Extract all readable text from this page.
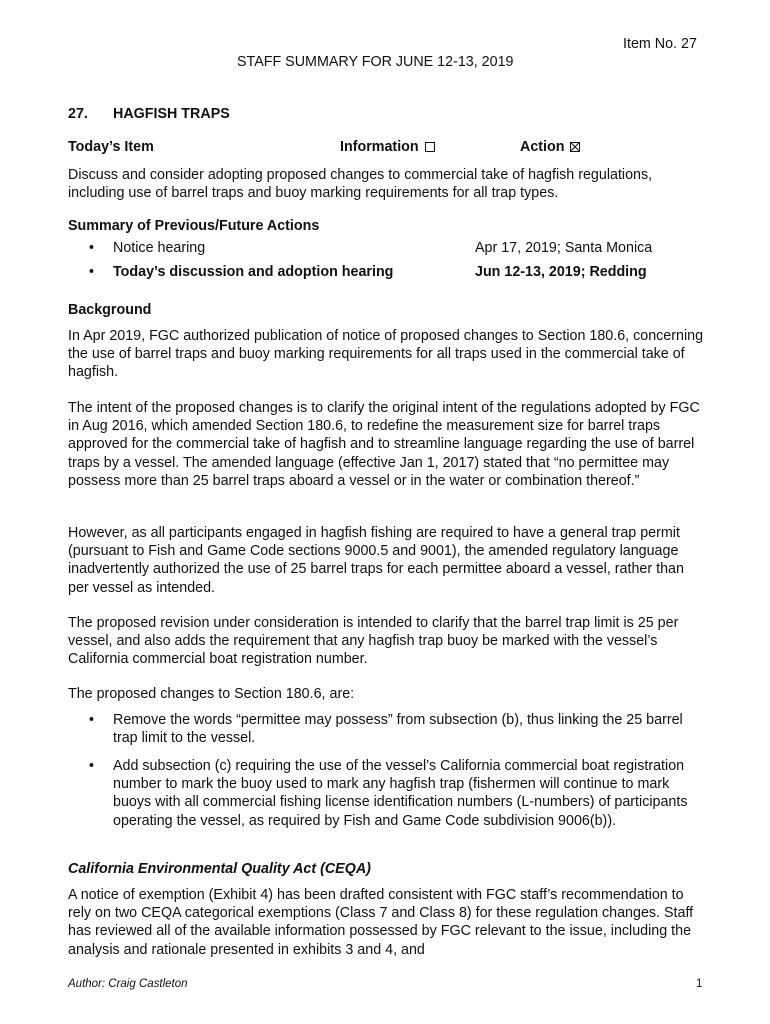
Item No. 27
STAFF SUMMARY FOR JUNE 12-13, 2019
27. HAGFISH TRAPS
Today’s Item	Information	Action
Discuss and consider adopting proposed changes to commercial take of hagfish regulations, including use of barrel traps and buoy marking requirements for all trap types.
Summary of Previous/Future Actions
• Notice hearing	Apr 17, 2019; Santa Monica
• Today’s discussion and adoption hearing	Jun 12-13, 2019; Redding
Background
In Apr 2019, FGC authorized publication of notice of proposed changes to Section 180.6, concerning the use of barrel traps and buoy marking requirements for all traps used in the commercial take of hagfish.
The intent of the proposed changes is to clarify the original intent of the regulations adopted by FGC in Aug 2016, which amended Section 180.6, to redefine the measurement size for barrel traps approved for the commercial take of hagfish and to streamline language regarding the use of barrel traps by a vessel. The amended language (effective Jan 1, 2017) stated that “no permittee may possess more than 25 barrel traps aboard a vessel or in the water or combination thereof.”
However, as all participants engaged in hagfish fishing are required to have a general trap permit (pursuant to Fish and Game Code sections 9000.5 and 9001), the amended regulatory language inadvertently authorized the use of 25 barrel traps for each permittee aboard a vessel, rather than per vessel as intended.
The proposed revision under consideration is intended to clarify that the barrel trap limit is 25 per vessel, and also adds the requirement that any hagfish trap buoy be marked with the vessel’s California commercial boat registration number.
The proposed changes to Section 180.6, are:
• Remove the words “permittee may possess” from subsection (b), thus linking the 25 barrel trap limit to the vessel.
• Add subsection (c) requiring the use of the vessel’s California commercial boat registration number to mark the buoy used to mark any hagfish trap (fishermen will continue to mark buoys with all commercial fishing license identification numbers (L-numbers) of participants operating the vessel, as required by Fish and Game Code subdivision 9006(b)).
California Environmental Quality Act (CEQA)
A notice of exemption (Exhibit 4) has been drafted consistent with FGC staff’s recommendation to rely on two CEQA categorical exemptions (Class 7 and Class 8) for these regulation changes. Staff has reviewed all of the available information possessed by FGC relevant to the issue, including the analysis and rationale presented in exhibits 3 and 4, and
Author: Craig Castleton	1
